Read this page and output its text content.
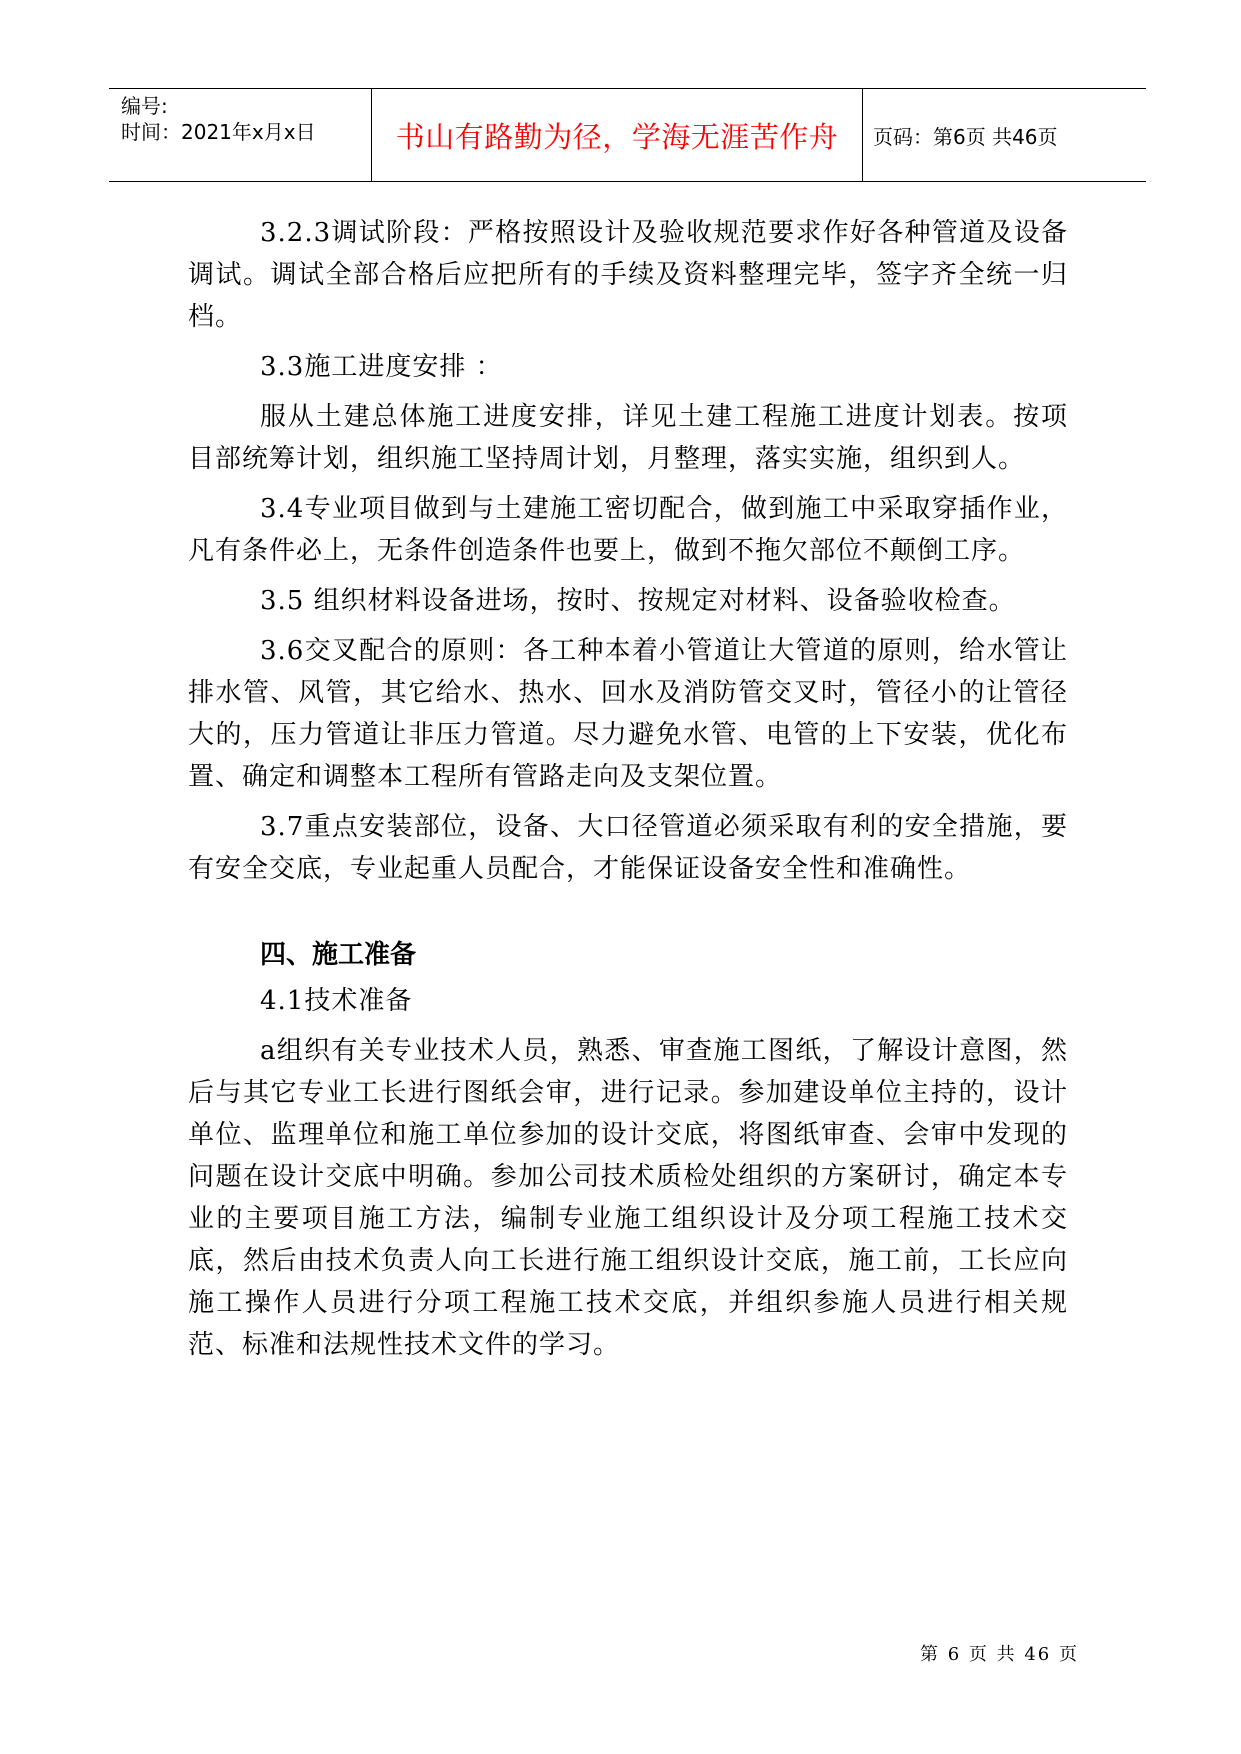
编号:
时间：2021年x月x日	书山有路勤为径，学海无涯苦作舟 页码：第6页 共46页

3.2.3调试阶段：严格按照设计及验收规范要求作好各种管道及设备调试。调试全部合格后应把所有的手续及资料整理完毕，签字齐全统一归档。

3.3施工进度安排 ：

服从土建总体施工进度安排，详见土建工程施工进度计划表。按项目部统筹计划，组织施工坚持周计划，月整理，落实实施，组织到人。

3.4专业项目做到与土建施工密切配合，做到施工中采取穿插作业，凡有条件必上，无条件创造条件也要上，做到不拖欠部位不颠倒工序。

3.5 组织材料设备进场，按时、按规定对材料、设备验收检查。

3.6交叉配合的原则：各工种本着小管道让大管道的原则，给水管让排水管、风管，其它给水、热水、回水及消防管交叉时，管径小的让管径大的，压力管道让非压力管道。尽力避免水管、电管的上下安装，优化布置、确定和调整本工程所有管路走向及支架位置。

3.7重点安装部位，设备、大口径管道必须采取有利的安全措施，要有安全交底，专业起重人员配合，才能保证设备安全性和准确性。

四、施工准备

4.1技术准备

a组织有关专业技术人员，熟悉、审查施工图纸，了解设计意图，然后与其它专业工长进行图纸会审，进行记录。参加建设单位主持的，设计单位、监理单位和施工单位参加的设计交底，将图纸审查、会审中发现的问题在设计交底中明确。参加公司技术质检处组织的方案研讨，确定本专业的主要项目施工方法，编制专业施工组织设计及分项工程施工技术交底，然后由技术负责人向工长进行施工组织设计交底，施工前，工长应向施工操作人员进行分项工程施工技术交底，并组织参施人员进行相关规范、标准和法规性技术文件的学习。

第 6 页 共 46 页
